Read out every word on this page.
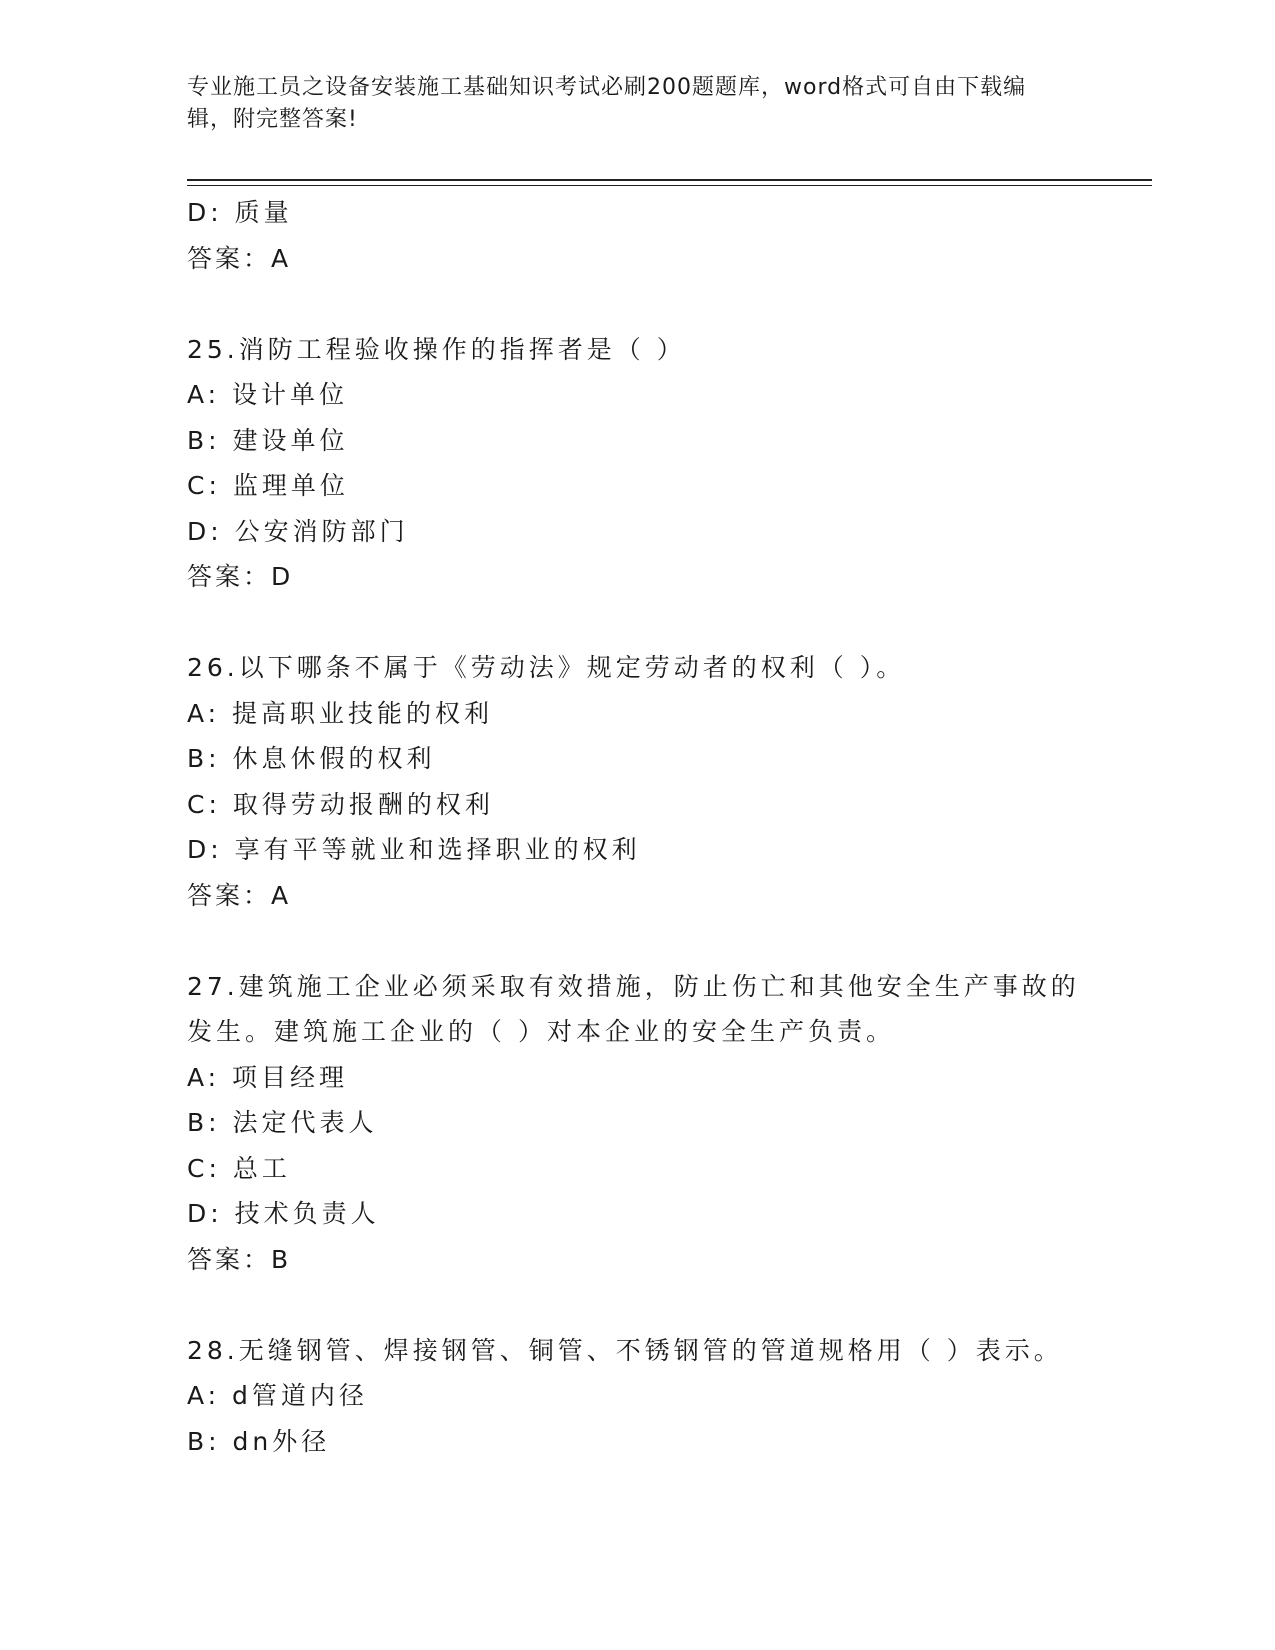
专业施工员之设备安装施工基础知识考试必刷200题题库，word格式可自由下载编辑，附完整答案!
D: 质量
答案：A
25.消防工程验收操作的指挥者是（ ）
A: 设计单位
B: 建设单位
C: 监理单位
D: 公安消防部门
答案：D
26.以下哪条不属于《劳动法》规定劳动者的权利（ ）。
A: 提高职业技能的权利
B: 休息休假的权利
C: 取得劳动报酬的权利
D: 享有平等就业和选择职业的权利
答案：A
27.建筑施工企业必须采取有效措施，防止伤亡和其他安全生产事故的发生。建筑施工企业的（ ）对本企业的安全生产负责。
A: 项目经理
B: 法定代表人
C: 总工
D: 技术负责人
答案：B
28.无缝钢管、焊接钢管、铜管、不锈钢管的管道规格用（ ）表示。
A: d管道内径
B: dn外径
